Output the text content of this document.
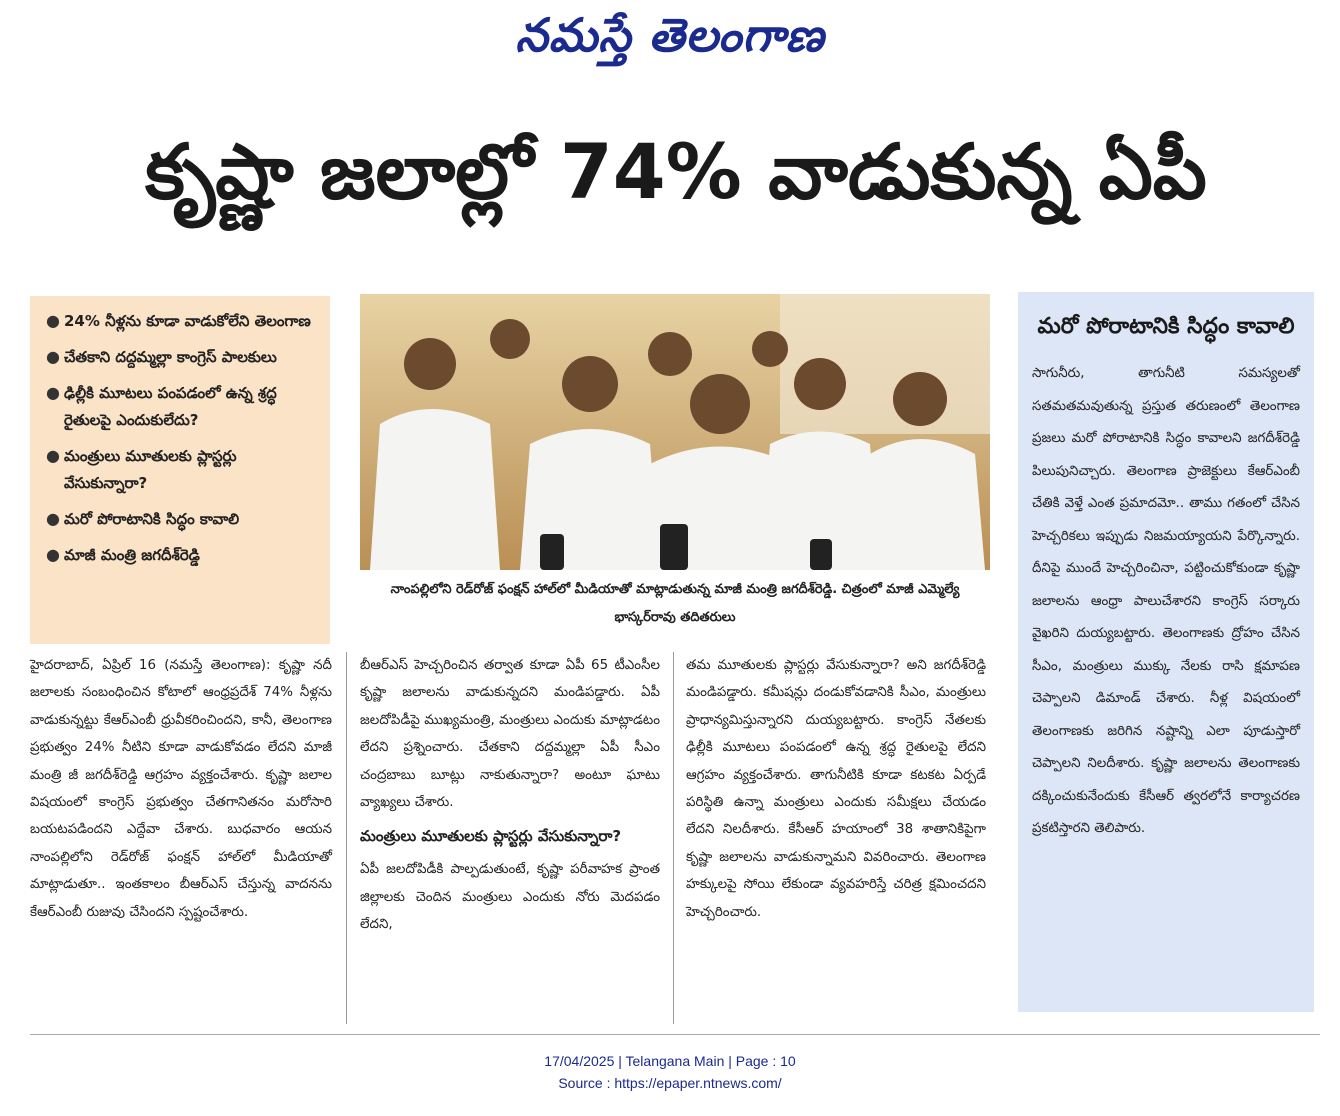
నమస్తే తెలంగాణ
కృష్ణా జలాల్లో 74% వాడుకున్న ఏపీ
● 24% నీళ్లను కూడా వాడుకోలేని తెలంగాణ
● చేతకాని దద్దమ్మల్లా కాంగ్రెస్ పాలకులు
● ఢిల్లీకి మూటలు పంపడంలో ఉన్న శ్రద్ధ రైతులపై ఎందుకులేదు?
● మంత్రులు మూతులకు ప్లాస్టర్లు వేసుకున్నారా?
● మరో పోరాటానికి సిద్ధం కావాలి
● మాజీ మంత్రి జగదీశ్‌రెడ్డి
నాంపల్లిలోని రెడ్‌రోజ్ ఫంక్షన్ హాల్‌లో మీడియాతో మాట్లాడుతున్న మాజీ మంత్రి జగదీశ్‌రెడ్డి. చిత్రంలో మాజీ ఎమ్మెల్యే భాస్కర్‌రావు తదితరులు

హైదరాబాద్, ఏప్రిల్ 16 (నమస్తే తెలంగాణ): కృష్ణా నదీ జలాలకు సంబంధించిన కోటాలో ఆంధ్రప్రదేశ్ 74% నీళ్లను వాడుకున్నట్టు కేఆర్‌ఎంబీ ధ్రువీకరించిందని, కానీ, తెలంగాణ ప్రభుత్వం 24% నీటిని కూడా వాడుకోవడం లేదని మాజీ మంత్రి జీ జగదీశ్‌రెడ్డి ఆగ్రహం వ్యక్తంచేశారు. కృష్ణా జలాల విషయంలో కాంగ్రెస్ ప్రభుత్వం చేతగానితనం మరోసారి బయటపడిందని ఎద్దేవా చేశారు. బుధవారం ఆయన నాంపల్లిలోని రెడ్‌రోజ్ ఫంక్షన్ హాల్‌లో మీడియాతో మాట్లాడుతూ.. ఇంతకాలం బీఆర్‌ఎస్ చేస్తున్న వాదనను కేఆర్‌ఎంబీ రుజువు చేసిందని స్పష్టంచేశారు.

బీఆర్‌ఎస్ హెచ్చరించిన తర్వాత కూడా ఏపీ 65 టీఎంసీల కృష్ణా జలాలను వాడుకున్నదని మండిపడ్డారు. ఏపీ జలదోపిడీపై ముఖ్యమంత్రి, మంత్రులు ఎందుకు మాట్లాడటం లేదని ప్రశ్నించారు. చేతకాని దద్దమ్మల్లా ఏపీ సీఎం చంద్రబాబు బూట్లు నాకుతున్నారా? అంటూ ఘాటు వ్యాఖ్యలు చేశారు.

మంత్రులు మూతులకు ప్లాస్టర్లు వేసుకున్నారా?

ఏపీ జలదోపిడీకి పాల్పడుతుంటే, కృష్ణా పరీవాహక ప్రాంత జిల్లాలకు చెందిన మంత్రులు ఎందుకు నోరు మెదపడం లేదని,

తమ మూతులకు ప్లాస్టర్లు వేసుకున్నారా? అని జగదీశ్‌రెడ్డి మండిపడ్డారు. కమీషన్లు దండుకోవడానికి సీఎం, మంత్రులు ప్రాధాన్యమిస్తున్నారని దుయ్యబట్టారు. కాంగ్రెస్ నేతలకు ఢిల్లీకి మూటలు పంపడంలో ఉన్న శ్రద్ధ రైతులపై లేదని ఆగ్రహం వ్యక్తంచేశారు. తాగునీటికి కూడా కటకట ఏర్పడే పరిస్థితి ఉన్నా మంత్రులు ఎందుకు సమీక్షలు చేయడం లేదని నిలదీశారు. కేసీఆర్ హయాంలో 38 శాతానికిపైగా కృష్ణా జలాలను వాడుకున్నామని వివరించారు. తెలంగాణ హక్కులపై సోయి లేకుండా వ్యవహరిస్తే చరిత్ర క్షమించదని హెచ్చరించారు.

మరో పోరాటానికి సిద్ధం కావాలి

సాగునీరు, తాగునీటి సమస్యలతో సతమతమవుతున్న ప్రస్తుత తరుణంలో తెలంగాణ ప్రజలు మరో పోరాటానికి సిద్ధం కావాలని జగదీశ్‌రెడ్డి పిలుపునిచ్చారు. తెలంగాణ ప్రాజెక్టులు కేఆర్‌ఎంబీ చేతికి వెళ్తే ఎంత ప్రమాదమో.. తాము గతంలో చేసిన హెచ్చరికలు ఇప్పుడు నిజమయ్యాయని పేర్కొన్నారు. దీనిపై ముందే హెచ్చరించినా, పట్టించుకోకుండా కృష్ణా జలాలను ఆంధ్రా పాలుచేశారని కాంగ్రెస్ సర్కారు వైఖరిని దుయ్యబట్టారు. తెలంగాణకు ద్రోహం చేసిన సీఎం, మంత్రులు ముక్కు నేలకు రాసి క్షమాపణ చెప్పాలని డిమాండ్ చేశారు. నీళ్ల విషయంలో తెలంగాణకు జరిగిన నష్టాన్ని ఎలా పూడుస్తారో చెప్పాలని నిలదీశారు. కృష్ణా జలాలను తెలంగాణకు దక్కించుకునేందుకు కేసీఆర్ త్వరలోనే కార్యాచరణ ప్రకటిస్తారని తెలిపారు.

17/04/2025 | Telangana Main | Page : 10
Source : https://epaper.ntnews.com/
